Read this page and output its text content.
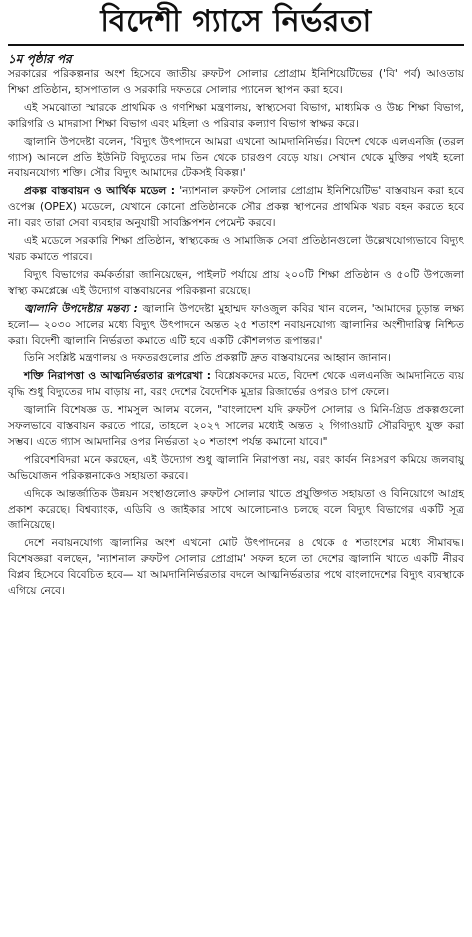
বিদেশী গ্যাসে নির্ভরতা

১ম পৃষ্ঠার পর

সরকারের পরিকল্পনার অংশ হিসেবে জাতীয় রুফটপ সোলার প্রোগ্রাম ইনিশিয়েটিভের ('বি' পর্ব) আওতায় শিক্ষা প্রতিষ্ঠান, হাসপাতাল ও সরকারি দফতরে সোলার প্যানেল স্থাপন করা হবে।

এই সমঝোতা স্মারকে প্রাথমিক ও গণশিক্ষা মন্ত্রণালয়, স্বাস্থ্যসেবা বিভাগ, মাধ্যমিক ও উচ্চ শিক্ষা বিভাগ, কারিগরি ও মাদরাসা শিক্ষা বিভাগ এবং মহিলা ও পরিবার কল্যাণ বিভাগ স্বাক্ষর করে।

জ্বালানি উপদেষ্টা বলেন, 'বিদ্যুৎ উৎপাদনে আমরা এখনো আমদানিনির্ভর। বিদেশ থেকে এলএনজি (তরল গ্যাস) আনলে প্রতি ইউনিট বিদ্যুতের দাম তিন থেকে চারগুণ বেড়ে যায়। সেখান থেকে মুক্তির পথই হলো নবায়নযোগ্য শক্তি। সৌর বিদ্যুৎ আমাদের টেকসই বিকল্প।'

প্রকল্প বাস্তবায়ন ও আর্থিক মডেল : 'ন্যাশনাল রুফটপ সোলার প্রোগ্রাম ইনিশিয়েটিভ' বাস্তবায়ন করা হবে ওপেক্স (OPEX) মডেলে, যেখানে কোনো প্রতিষ্ঠানকে সৌর প্রকল্প স্থাপনের প্রাথমিক খরচ বহন করতে হবে না। বরং তারা সেবা ব্যবহার অনুযায়ী সাবস্ক্রিপশন পেমেন্ট করবে।

এই মডেলে সরকারি শিক্ষা প্রতিষ্ঠান, স্বাস্থ্যকেন্দ্র ও সামাজিক সেবা প্রতিষ্ঠানগুলো উল্লেখযোগ্যভাবে বিদ্যুৎ খরচ কমাতে পারবে।

বিদ্যুৎ বিভাগের কর্মকর্তারা জানিয়েছেন, পাইলট পর্যায়ে প্রায় ২০০টি শিক্ষা প্রতিষ্ঠান ও ৫০টি উপজেলা স্বাস্থ্য কমপ্লেক্সে এই উদ্যোগ বাস্তবায়নের পরিকল্পনা রয়েছে।

জ্বালানি উপদেষ্টার মন্তব্য : জ্বালানি উপদেষ্টা মুহাম্মদ ফাওজুল কবির খান বলেন, 'আমাদের চূড়ান্ত লক্ষ্য হলো— ২০৩০ সালের মধ্যে বিদ্যুৎ উৎপাদনে অন্তত ২৫ শতাংশ নবায়নযোগ্য জ্বালানির অংশীদারিত্ব নিশ্চিত করা। বিদেশী জ্বালানি নির্ভরতা কমাতে এটি হবে একটি কৌশলগত রূপান্তর।'

তিনি সংশ্লিষ্ট মন্ত্রণালয় ও দফতরগুলোর প্রতি প্রকল্পটি দ্রুত বাস্তবায়নের আহ্বান জানান।

শক্তি নিরাপত্তা ও আত্মনির্ভরতার রূপরেখা : বিশ্লেষকদের মতে, বিদেশ থেকে এলএনজি আমদানিতে ব্যয় বৃদ্ধি শুধু বিদ্যুতের দাম বাড়ায় না, বরং দেশের বৈদেশিক মুদ্রার রিজার্ভের ওপরও চাপ ফেলে।

জ্বালানি বিশেষজ্ঞ ড. শামসুল আলম বলেন, "বাংলাদেশ যদি রুফটপ সোলার ও মিনি-গ্রিড প্রকল্পগুলো সফলভাবে বাস্তবায়ন করতে পারে, তাহলে ২০২৭ সালের মধ্যেই অন্তত ২ গিগাওয়াট সৌরবিদ্যুৎ যুক্ত করা সম্ভব। এতে গ্যাস আমদানির ওপর নির্ভরতা ২০ শতাংশ পর্যন্ত কমানো যাবে।"

পরিবেশবিদরা মনে করছেন, এই উদ্যোগ শুধু জ্বালানি নিরাপত্তা নয়, বরং কার্বন নিঃসরণ কমিয়ে জলবায়ু অভিযোজন পরিকল্পনাকেও সহায়তা করবে।

এদিকে আন্তর্জাতিক উন্নয়ন সংস্থাগুলোও রুফটপ সোলার খাতে প্রযুক্তিগত সহায়তা ও বিনিয়োগে আগ্রহ প্রকাশ করেছে। বিশ্বব্যাংক, এডিবি ও জাইকার সাথে আলোচনাও চলছে বলে বিদ্যুৎ বিভাগের একটি সূত্র জানিয়েছে।

দেশে নবায়নযোগ্য জ্বালানির অংশ এখনো মোট উৎপাদনের ৪ থেকে ৫ শতাংশের মধ্যে সীমাবদ্ধ। বিশেষজ্ঞরা বলছেন, 'ন্যাশনাল রুফটপ সোলার প্রোগ্রাম' সফল হলে তা দেশের জ্বালানি খাতে একটি নীরব বিপ্লব হিসেবে বিবেচিত হবে— যা আমদানিনির্ভরতার বদলে আত্মনির্ভরতার পথে বাংলাদেশের বিদ্যুৎ ব্যবস্থাকে এগিয়ে নেবে।
